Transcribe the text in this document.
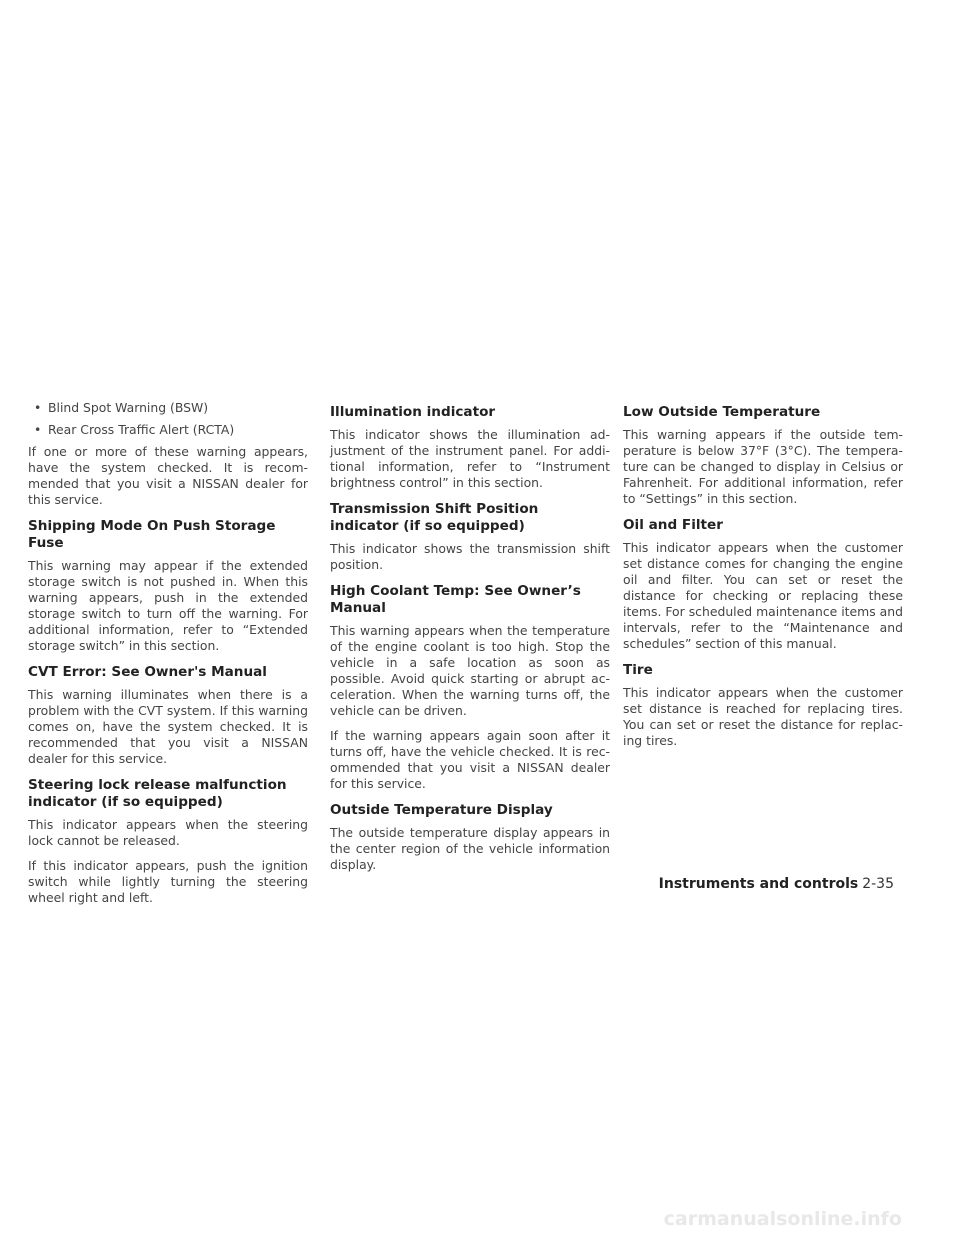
• Blind Spot Warning (BSW)
• Rear Cross Traffic Alert (RCTA)

If one or more of these warning appears, have the system checked. It is recommended that you visit a NISSAN dealer for this service.

Shipping Mode On Push Storage Fuse

This warning may appear if the extended storage switch is not pushed in. When this warning appears, push in the extended storage switch to turn off the warning. For additional information, refer to “Extended storage switch” in this section.

CVT Error: See Owner's Manual

This warning illuminates when there is a problem with the CVT system. If this warning comes on, have the system checked. It is recommended that you visit a NISSAN dealer for this service.

Steering lock release malfunction indicator (if so equipped)

This indicator appears when the steering lock cannot be released.

If this indicator appears, push the ignition switch while lightly turning the steering wheel right and left.

Illumination indicator

This indicator shows the illumination adjustment of the instrument panel. For additional information, refer to “Instrument brightness control” in this section.

Transmission Shift Position indicator (if so equipped)

This indicator shows the transmission shift position.

High Coolant Temp: See Owner’s Manual

This warning appears when the temperature of the engine coolant is too high. Stop the vehicle in a safe location as soon as possible. Avoid quick starting or abrupt acceleration. When the warning turns off, the vehicle can be driven.

If the warning appears again soon after it turns off, have the vehicle checked. It is recommended that you visit a NISSAN dealer for this service.

Outside Temperature Display

The outside temperature display appears in the center region of the vehicle information display.

Low Outside Temperature

This warning appears if the outside temperature is below 37°F (3°C). The temperature can be changed to display in Celsius or Fahrenheit. For additional information, refer to “Settings” in this section.

Oil and Filter

This indicator appears when the customer set distance comes for changing the engine oil and filter. You can set or reset the distance for checking or replacing these items. For scheduled maintenance items and intervals, refer to the “Maintenance and schedules” section of this manual.

Tire

This indicator appears when the customer set distance is reached for replacing tires. You can set or reset the distance for replacing tires.

Instruments and controls 2-35
carmanualsonline.info
